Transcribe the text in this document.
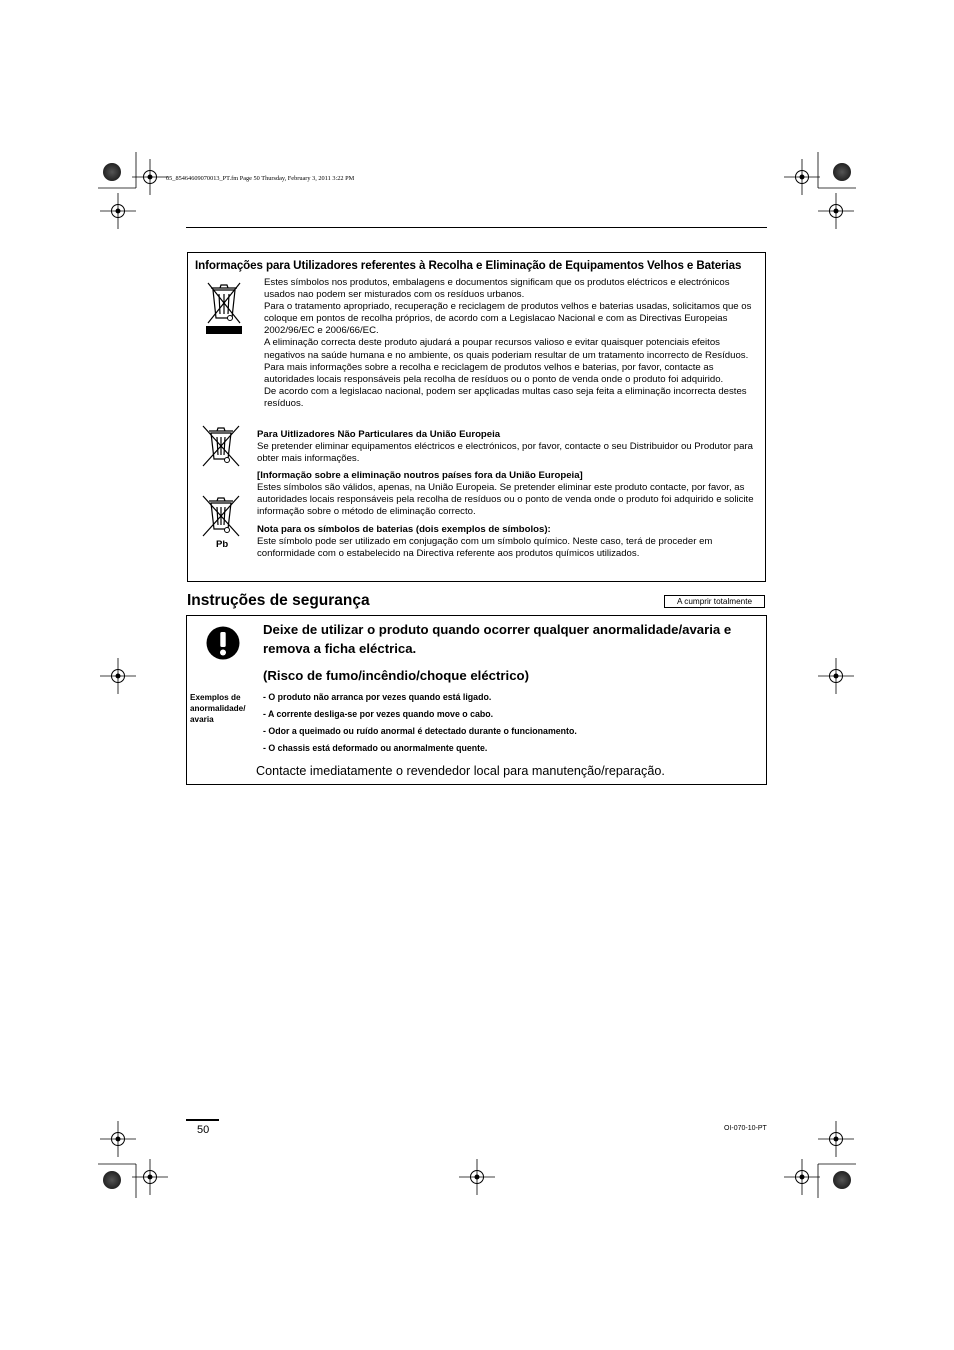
05_85464609070013_PT.fm Page 50 Thursday, February 3, 2011 3:22 PM
Informações para Utilizadores referentes à Recolha e Eliminação de Equipamentos Velhos e Baterias

Estes símbolos nos produtos, embalagens e documentos significam que os produtos eléctricos e electrónicos usados nao podem ser misturados com os resíduos urbanos.

Para o tratamento apropriado, recuperação e reciclagem de produtos velhos e baterias usadas, solicitamos que os coloque em pontos de recolha próprios, de acordo com a Legislacao Nacional e com as Directivas Europeias 2002/96/EC e 2006/66/EC.

A eliminação correcta deste produto ajudará a poupar recursos valioso e evitar quaisquer potenciais efeitos negativos na saúde humana e no ambiente, os quais poderiam resultar de um tratamento incorrecto de Resíduos.

Para mais informações sobre a recolha e reciclagem de produtos velhos e baterias, por favor, contacte as autoridades locais responsáveis pela recolha de resíduos ou o ponto de venda onde o produto foi adquirido.

De acordo com a legislacao nacional, podem ser apçlicadas multas caso seja feita a eliminação incorrecta destes resíduos.

Para Uitlizadores Não Particulares da União Europeia
Se pretender eliminar equipamentos eléctricos e electrónicos, por favor, contacte o seu Distribuidor ou Produtor para obter mais informações.
[Informação sobre a eliminação noutros países fora da União Europeia]
Estes símbolos são válidos, apenas, na União Europeia. Se pretender eliminar este produto contacte, por favor, as autoridades locais responsáveis pela recolha de resíduos ou o ponto de venda onde o produto foi adquirido e solicite informação sobre o método de eliminação correcto.
Pb
Nota para os símbolos de baterias (dois exemplos de símbolos):
Este símbolo pode ser utilizado em conjugação com um símbolo químico. Neste caso, terá de proceder em conformidade com o estabelecido na Directiva referente aos produtos químicos utilizados.
Instruções de segurança	A cumprir totalmente

Deixe de utilizar o produto quando ocorrer qualquer anormalidade/avaria e

remova a ficha eléctrica.

(Risco de fumo/incêndio/choque eléctrico)

Exemplos de anormalidade/ avaria
- O produto não arranca por vezes quando está ligado.
- A corrente desliga-se por vezes quando move o cabo.
- Odor a queimado ou ruído anormal é detectado durante o funcionamento.
- O chassis está deformado ou anormalmente quente.
Contacte imediatamente o revendedor local para manutenção/reparação.
50	OI-070-10-PT
